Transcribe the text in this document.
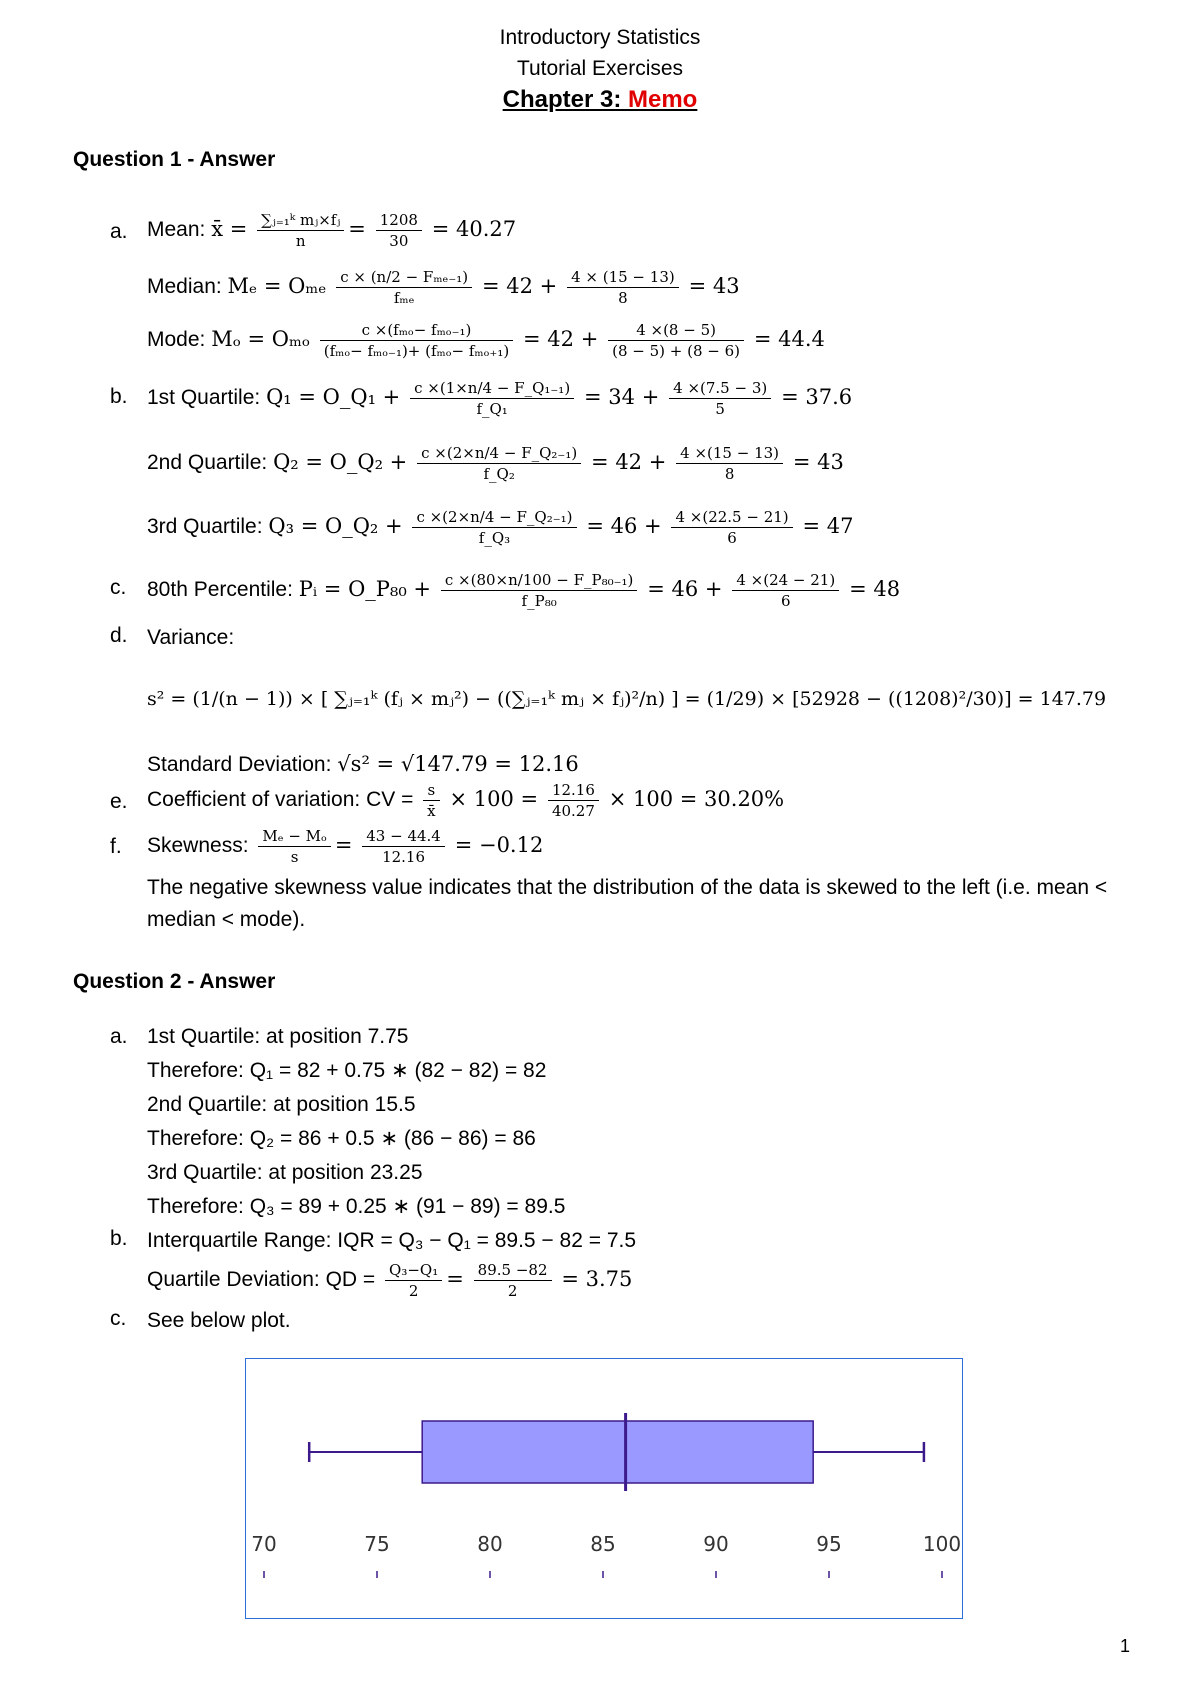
Introductory Statistics
Tutorial Exercises
Chapter 3: Memo
Question 1 - Answer
a. Mean: x̄ = $\frac{\text{∑ⱼ₌₁ᵏ mⱼ×fⱼ}}{n} = \frac{1208}{30} = 40.27$
Median: Mₑ = Oₘₑ $\frac{\text{c × (n/2 − Fₘₑ₋₁)}}{\text{fₘₑ}} = 42 + \frac{4 \times (15 - 13)}{8} = 43$
Mode: Mₒ = Oₘₒ $\frac{\text{c ×(fₘₒ− fₘₒ₋₁)}}{\text{(fₘₒ− fₘₒ₋₁)+ (fₘₒ− fₘₒ₊₁)}} = 42 + \frac{4 \times(8 - 5)}{(8 - 5) + (8 - 6)} = 44.4$
b. 1st Quartile: Q₁ = O_Q₁ + $\frac{\text{c ×(1×n/4 − F\_Q₁₋₁)}}{\text{f\_Q₁}} = 34 + \frac{4 \times(7.5 - 3)}{5} = 37.6$
2nd Quartile: Q₂ = O_Q₂ + $\frac{\text{c ×(2×n/4 − F\_Q₂₋₁)}}{\text{f\_Q₂}} = 42 + \frac{4 \times(15 - 13)}{8} = 43$
3rd Quartile: Q₃ = O_Q₂ + $\frac{\text{c ×(2×n/4 − F\_Q₂₋₁)}}{\text{f\_Q₃}} = 46 + \frac{4 \times(22.5 - 21)}{6} = 47$
c. 80th Percentile: Pᵢ = O_P₈₀ + $\frac{\text{c ×(80×n/100 − F\_P₈₀₋₁)}}{\text{f\_P₈₀}} = 46 + \frac{4 \times(24 - 21)}{6} = 48$
d. Variance:
s² = (1/(n − 1)) × [ ∑ⱼ₌₁ᵏ (fⱼ × mⱼ²) − ((∑ⱼ₌₁ᵏ mⱼ × fⱼ)²/n) ] = (1/29) × [52928 − ((1208)²/30)] = 147.79
Standard Deviation: √s² = √147.79 = 12.16
e. Coefficient of variation: CV = $\frac{s}{x̄} \times 100 = \frac{12.16}{40.27} \times 100 = 30.20\%$
f. Skewness: $\frac{\text{Mₑ − Mₒ}}{s} = \frac{43 - 44.4}{12.16} = -0.12$
The negative skewness value indicates that the distribution of the data is skewed to the left (i.e. mean < median < mode).
Question 2 - Answer
a. 1st Quartile: at position 7.75
Therefore: Q₁ = 82 + 0.75 ∗ (82 − 82) = 82
2nd Quartile: at position 15.5
Therefore: Q₂ = 86 + 0.5 ∗ (86 − 86) = 86
3rd Quartile: at position 23.25
Therefore: Q₃ = 89 + 0.25 ∗ (91 − 89) = 89.5
b. Interquartile Range: IQR = Q₃ − Q₁ = 89.5 − 82 = 7.5
Quartile Deviation: QD = $\frac{\text{Q₃−Q₁}}{2} = \frac{89.5 -82}{2} = 3.75$
c. See below plot.
70	75	80	85	90	95	100
1
